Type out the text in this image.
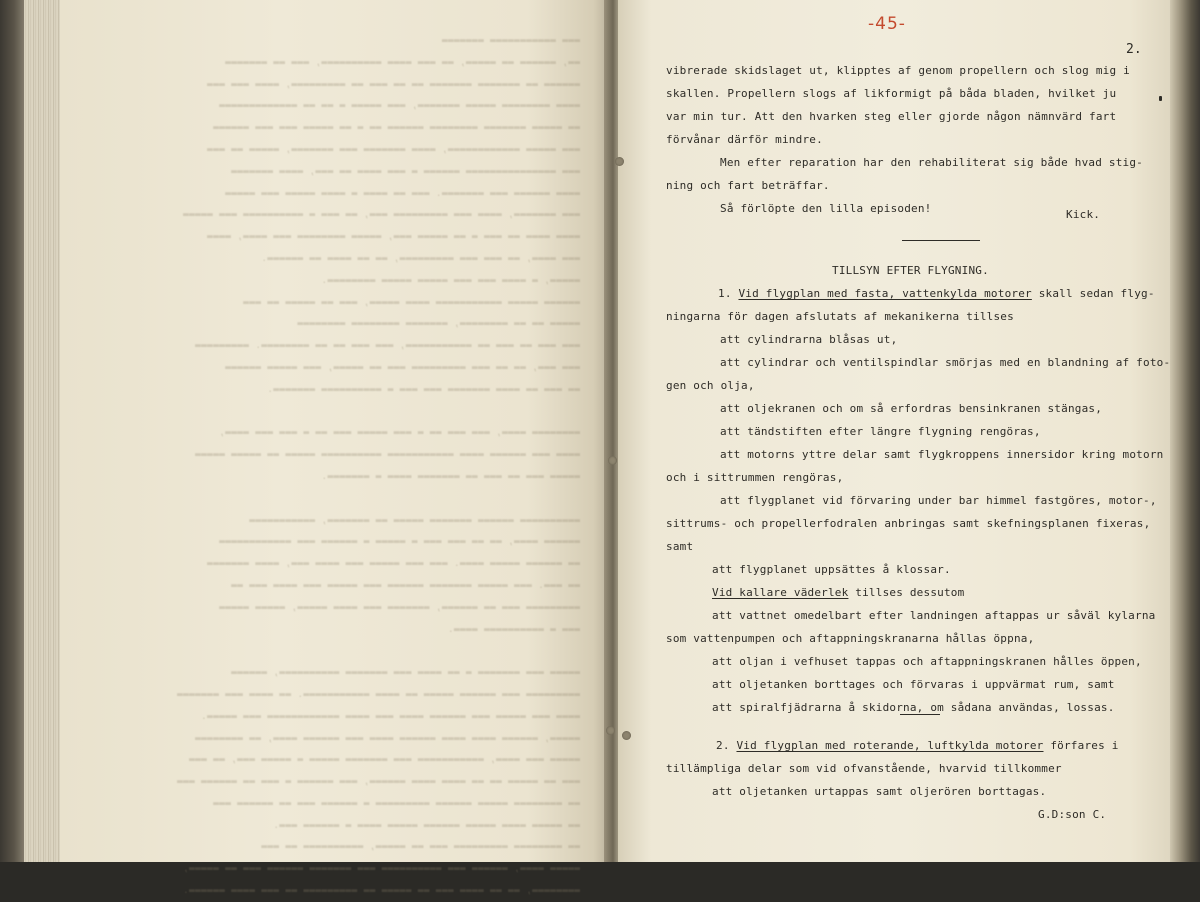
▬▬▬ ▬▬▬▬▬▬▬▬▬▬▬ ▬▬▬▬▬▬▬
▬▬, ▬▬▬▬▬▬ ▬▬ ▬▬▬▬▬, ▬▬ ▬▬▬ ▬▬▬▬ ▬▬▬▬▬▬▬▬▬▬, ▬▬▬ ▬▬ ▬▬▬▬▬▬▬
▬▬▬▬▬▬ ▬▬ ▬▬▬▬▬▬▬ ▬▬▬▬▬▬▬ ▬▬ ▬▬ ▬▬▬ ▬▬ ▬▬▬▬▬▬▬▬▬, ▬▬▬▬ ▬▬▬ ▬▬▬
▬▬▬▬ ▬▬▬▬▬▬▬▬ ▬▬▬▬▬ ▬▬▬▬▬▬▬, ▬▬▬ ▬▬▬▬▬ ▬ ▬▬ ▬▬ ▬▬▬▬▬▬▬▬▬▬▬▬▬
▬▬ ▬▬▬▬▬ ▬▬▬▬▬▬▬ ▬▬▬▬▬▬▬▬ ▬▬▬▬▬▬ ▬▬ ▬ ▬▬ ▬▬▬▬▬ ▬▬▬ ▬▬▬ ▬▬▬▬▬▬
▬▬▬ ▬▬▬▬▬ ▬▬▬▬▬▬▬▬▬▬▬▬, ▬▬▬▬ ▬▬▬▬▬▬▬ ▬▬▬ ▬▬▬▬▬▬▬, ▬▬▬▬▬ ▬▬ ▬▬▬
▬▬▬ ▬▬▬▬▬▬▬▬▬▬▬▬▬▬▬ ▬▬▬▬▬▬ ▬ ▬▬▬ ▬▬▬▬ ▬▬ ▬▬▬, ▬▬▬▬ ▬▬▬▬▬▬▬
▬▬▬▬ ▬▬▬▬▬▬ ▬▬▬ ▬▬▬▬▬▬▬. ▬▬▬ ▬▬ ▬▬▬▬ ▬ ▬▬▬▬ ▬▬▬▬▬ ▬▬▬ ▬▬▬▬▬
▬▬▬ ▬▬▬▬▬▬▬, ▬▬▬▬ ▬▬▬ ▬▬▬▬▬▬▬▬▬ ▬▬▬, ▬▬ ▬▬▬ ▬ ▬▬▬▬▬▬▬▬▬▬ ▬▬▬ ▬▬▬▬▬
▬▬▬▬ ▬▬▬▬ ▬▬ ▬▬▬ ▬ ▬▬ ▬▬▬▬▬ ▬▬▬, ▬▬▬▬▬ ▬▬▬▬▬▬▬▬ ▬▬▬ ▬▬▬▬, ▬▬▬▬
▬▬▬ ▬▬▬▬, ▬▬ ▬▬▬ ▬▬▬ ▬▬▬▬▬▬▬▬▬, ▬▬ ▬▬ ▬▬▬▬ ▬▬ ▬▬▬▬▬▬.
▬▬▬▬▬, ▬ ▬▬▬▬ ▬▬▬ ▬▬▬ ▬▬▬▬▬ ▬▬▬▬▬ ▬▬▬▬▬▬▬▬.
▬▬▬▬▬▬ ▬▬▬▬▬ ▬▬▬▬▬▬▬▬▬▬▬ ▬▬▬▬ ▬▬▬▬▬, ▬▬▬ ▬▬ ▬▬▬▬▬ ▬▬ ▬▬▬
▬▬▬▬▬ ▬▬ ▬▬ ▬▬▬▬▬▬▬▬, ▬▬▬▬▬▬▬ ▬▬▬▬▬▬▬▬ ▬▬▬▬▬▬▬▬
▬▬▬ ▬▬▬ ▬▬ ▬▬▬ ▬▬ ▬▬▬▬▬▬▬▬▬▬▬, ▬▬▬ ▬▬▬ ▬▬ ▬▬ ▬▬▬▬▬▬▬▬. ▬▬▬▬▬▬▬▬▬
▬▬▬ ▬▬▬, ▬▬ ▬▬ ▬▬▬ ▬▬▬▬▬▬▬▬▬ ▬▬▬ ▬▬ ▬▬▬▬▬, ▬▬▬ ▬▬▬▬▬ ▬▬▬▬▬▬
▬▬ ▬▬▬ ▬▬ ▬▬▬▬ ▬▬▬▬▬▬▬ ▬▬▬ ▬▬▬ ▬ ▬▬▬▬▬▬▬▬▬▬ ▬▬▬▬▬▬▬.

▬▬▬▬▬▬▬▬ ▬▬▬▬, ▬▬▬ ▬▬▬ ▬▬ ▬ ▬▬▬ ▬▬▬▬▬ ▬▬▬ ▬▬ ▬ ▬▬▬ ▬▬▬ ▬▬▬▬,
▬▬▬▬ ▬▬▬ ▬▬▬▬▬▬ ▬▬▬▬ ▬▬▬▬▬▬▬▬▬▬▬ ▬▬▬▬▬▬▬▬▬▬ ▬▬▬▬▬ ▬▬ ▬▬▬▬▬ ▬▬▬▬▬
▬▬▬▬▬ ▬▬▬ ▬▬ ▬▬▬ ▬▬ ▬▬▬▬▬▬▬ ▬▬▬▬ ▬ ▬▬▬▬▬▬▬.

▬▬▬▬▬▬▬▬▬▬ ▬▬▬▬▬▬ ▬▬▬▬▬▬▬ ▬▬▬▬▬ ▬▬ ▬▬▬▬▬▬▬, ▬▬▬▬▬▬▬▬▬▬▬
▬▬▬▬▬▬ ▬▬▬▬, ▬▬ ▬▬ ▬▬▬ ▬▬▬ ▬ ▬▬▬▬▬ ▬ ▬▬▬▬▬▬ ▬▬▬ ▬▬▬▬▬▬▬▬▬▬▬▬
▬▬ ▬▬▬▬▬▬ ▬▬▬▬▬ ▬▬▬▬. ▬▬▬ ▬▬▬ ▬▬▬▬▬ ▬▬▬ ▬▬▬▬ ▬▬▬, ▬▬▬▬ ▬▬▬▬▬▬▬
▬▬ ▬▬▬. ▬▬▬ ▬▬▬▬▬ ▬▬▬▬▬▬▬ ▬▬▬▬▬▬ ▬▬▬ ▬▬▬▬▬ ▬▬▬ ▬▬▬▬ ▬▬▬ ▬▬
▬▬▬▬▬▬▬▬▬ ▬▬▬ ▬▬ ▬▬▬▬▬▬, ▬▬▬▬▬▬▬ ▬▬▬ ▬▬▬▬ ▬▬▬▬▬, ▬▬▬▬▬ ▬▬▬▬▬
▬▬▬ ▬ ▬▬▬▬▬▬▬▬▬▬ ▬▬▬▬.

▬▬▬▬▬ ▬▬▬ ▬▬▬▬▬▬▬ ▬ ▬▬ ▬▬▬▬ ▬▬▬ ▬▬▬▬▬▬▬ ▬▬▬▬▬▬▬▬▬▬, ▬▬▬▬▬▬
▬▬▬▬▬▬▬▬▬ ▬▬▬ ▬▬▬▬▬▬ ▬▬▬▬▬ ▬▬ ▬▬▬▬ ▬▬▬▬▬▬▬▬▬▬▬. ▬▬ ▬▬▬▬ ▬▬▬ ▬▬▬▬▬▬▬
▬▬▬▬ ▬▬▬ ▬▬▬▬▬ ▬▬▬ ▬▬▬▬▬▬ ▬▬▬▬ ▬▬▬ ▬▬▬▬ ▬▬▬▬▬▬▬▬▬▬▬▬ ▬▬▬ ▬▬▬▬▬.
▬▬▬▬▬, ▬▬▬▬▬▬ ▬▬▬▬ ▬▬▬▬ ▬▬▬▬▬▬ ▬▬▬▬ ▬▬▬ ▬▬▬▬▬▬ ▬▬▬▬, ▬▬ ▬▬▬▬▬▬▬▬
▬▬▬▬▬ ▬▬▬ ▬▬▬▬, ▬▬▬▬▬▬▬▬▬▬▬ ▬▬▬ ▬▬▬▬▬▬▬ ▬▬▬▬▬ ▬ ▬▬▬▬▬ ▬▬▬, ▬▬ ▬▬▬
▬▬▬ ▬▬ ▬▬▬▬▬ ▬▬ ▬▬ ▬▬▬▬ ▬▬▬▬ ▬▬▬▬▬▬, ▬▬▬ ▬▬▬▬▬▬ ▬ ▬▬▬ ▬▬ ▬▬▬▬▬▬ ▬▬▬
▬▬ ▬▬▬▬▬▬▬▬ ▬▬▬▬▬ ▬▬▬▬▬▬ ▬▬▬▬▬▬▬▬▬ ▬ ▬▬▬▬▬▬ ▬▬▬ ▬▬ ▬▬▬▬▬▬ ▬▬▬
▬▬ ▬▬▬▬▬ ▬▬▬▬ ▬▬▬▬▬ ▬▬▬▬▬▬ ▬▬▬▬▬ ▬▬▬▬ ▬ ▬▬▬▬▬▬ ▬▬▬.
▬▬ ▬▬▬▬▬▬▬▬ ▬▬▬▬▬▬▬▬▬ ▬▬▬ ▬▬ ▬▬▬▬▬, ▬▬▬▬▬▬▬▬▬▬ ▬▬ ▬▬▬
▬▬▬▬▬ ▬▬▬▬, ▬▬▬▬▬▬ ▬▬▬ ▬▬▬▬▬▬▬▬▬▬ ▬▬▬ ▬▬▬▬▬▬▬ ▬▬▬▬▬▬ ▬▬▬ ▬▬ ▬▬▬▬▬,
▬▬▬▬▬▬▬▬, ▬▬ ▬▬ ▬▬▬▬ ▬▬▬ ▬▬ ▬▬▬▬▬ ▬▬ ▬▬▬▬▬▬▬▬▬ ▬▬ ▬▬▬ ▬▬▬▬ ▬▬▬▬▬▬.
-45-
2.
vibrerade skidslaget ut, klipptes af genom propellern och slog mig i
skallen. Propellern slogs af likformigt på båda bladen, hvilket ju
var min tur. Att den hvarken steg eller gjorde någon nämnvärd fart
förvånar därför mindre.
Men efter reparation har den rehabiliterat sig både hvad stig-
ning och fart beträffar.
Så förlöpte den lilla episoden!	Kick.
TILLSYN EFTER FLYGNING.
1. Vid flygplan med fasta, vattenkylda motorer skall sedan flyg-
ningarna för dagen afslutats af mekanikerna tillses
att cylindrarna blåsas ut,
att cylindrar och ventilspindlar smörjas med en blandning af foto-
gen och olja,
att oljekranen och om så erfordras bensinkranen stängas,
att tändstiften efter längre flygning rengöras,
att motorns yttre delar samt flygkroppens innersidor kring motorn
och i sittrummen rengöras,
att flygplanet vid förvaring under bar himmel fastgöres, motor-,
sittrums- och propellerfodralen anbringas samt skefningsplanen fixeras,
samt
att flygplanet uppsättes å klossar.
Vid kallare väderlek tillses dessutom
att vattnet omedelbart efter landningen aftappas ur såväl kylarna
som vattenpumpen och aftappningskranarna hållas öppna,
att oljan i vefhuset tappas och aftappningskranen hålles öppen,
att oljetanken borttages och förvaras i uppvärmat rum, samt
att spiralfjädrarna å skidorna, om sådana användas, lossas.
2. Vid flygplan med roterande, luftkylda motorer förfares i
tillämpliga delar som vid ofvanstående, hvarvid tillkommer
att oljetanken urtappas samt oljerören borttagas.
G.D:son C.
